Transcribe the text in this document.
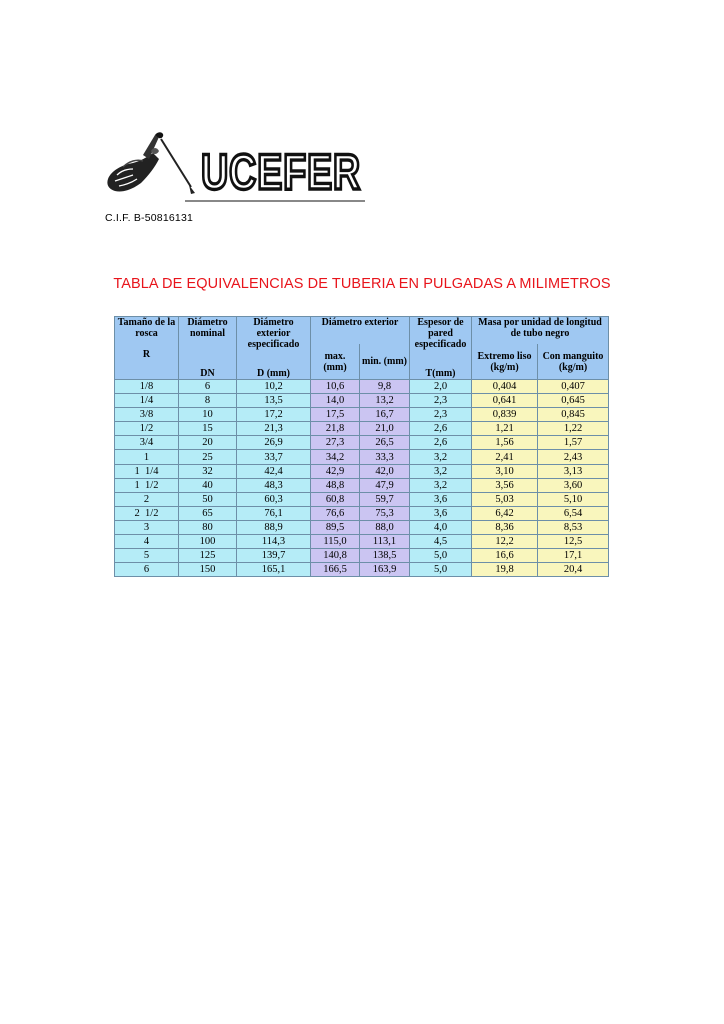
UCEFER
C.I.F. B-50816131
TABLA DE EQUIVALENCIAS DE TUBERIA EN PULGADAS A MILIMETROS
Tamaño de la rosca	Diámetro nominal	Diámetro exterior especificado	Diámetro exterior		Espesor de pared especificado	Masa por unidad de longitud de tubo negro	
R			max. (mm)	min. (mm)		Extremo liso (kg/m)	Con manguito (kg/m)
	DN	D (mm)			T(mm)		
1/8	6	10,2	10,6	9,8	2,0	0,404	0,407
1/4	8	13,5	14,0	13,2	2,3	0,641	0,645
3/8	10	17,2	17,5	16,7	2,3	0,839	0,845
1/2	15	21,3	21,8	21,0	2,6	1,21	1,22
3/4	20	26,9	27,3	26,5	2,6	1,56	1,57
1	25	33,7	34,2	33,3	3,2	2,41	2,43
1  1/4	32	42,4	42,9	42,0	3,2	3,10	3,13
1  1/2	40	48,3	48,8	47,9	3,2	3,56	3,60
2	50	60,3	60,8	59,7	3,6	5,03	5,10
2  1/2	65	76,1	76,6	75,3	3,6	6,42	6,54
3	80	88,9	89,5	88,0	4,0	8,36	8,53
4	100	114,3	115,0	113,1	4,5	12,2	12,5
5	125	139,7	140,8	138,5	5,0	16,6	17,1
6	150	165,1	166,5	163,9	5,0	19,8	20,4
